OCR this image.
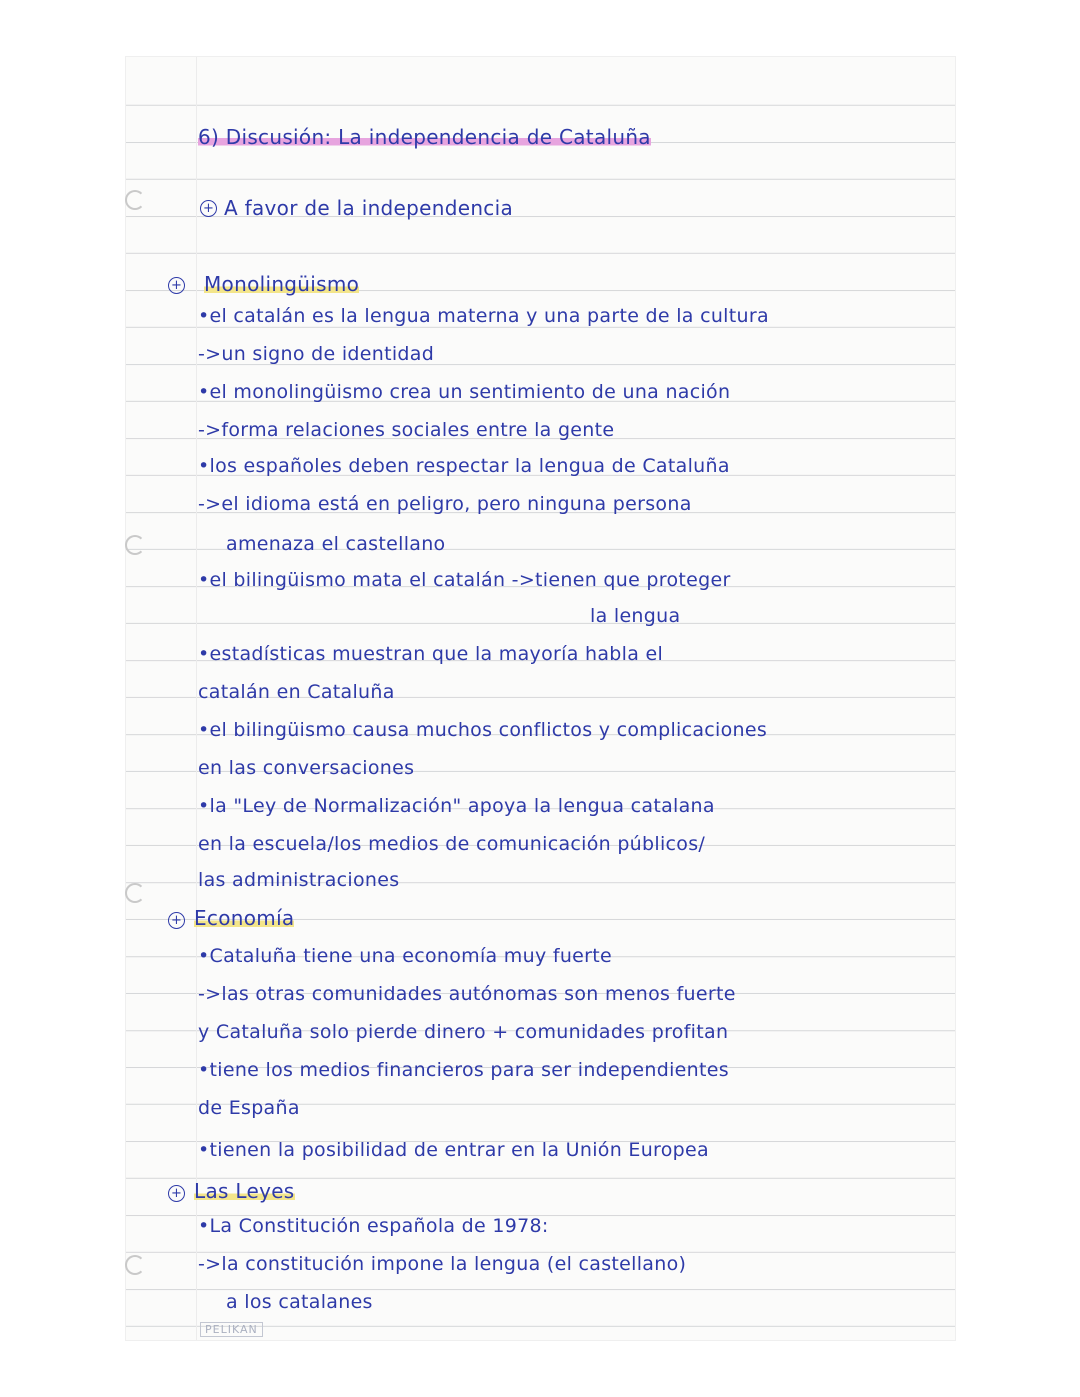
6) Discusión: La independencia de Cataluña
+ A favor de la independencia
+ Monolingüismo
•el catalán es la lengua materna y una parte de la cultura
->un signo de identidad
•el monolingüismo crea un sentimiento de una nación
->forma relaciones sociales entre la gente
•los españoles deben respectar la lengua de Cataluña
->el idioma está en peligro, pero ninguna persona
amenaza el castellano
•el bilingüismo mata el catalán ->tienen que proteger
la lengua
•estadísticas muestran que la mayoría habla el
catalán en Cataluña
•el bilingüismo causa muchos conflictos y complicaciones
en las conversaciones
•la "Ley de Normalización" apoya la lengua catalana
en la escuela/los medios de comunicación públicos/
las administraciones
+ Economía
•Cataluña tiene una economía muy fuerte
->las otras comunidades autónomas son menos fuerte
y Cataluña solo pierde dinero + comunidades profitan
•tiene los medios financieros para ser independientes
de España
•tienen la posibilidad de entrar en la Unión Europea
+ Las Leyes
•La Constitución española de 1978:
->la constitución impone la lengua (el castellano)
a los catalanes
PELIKAN
